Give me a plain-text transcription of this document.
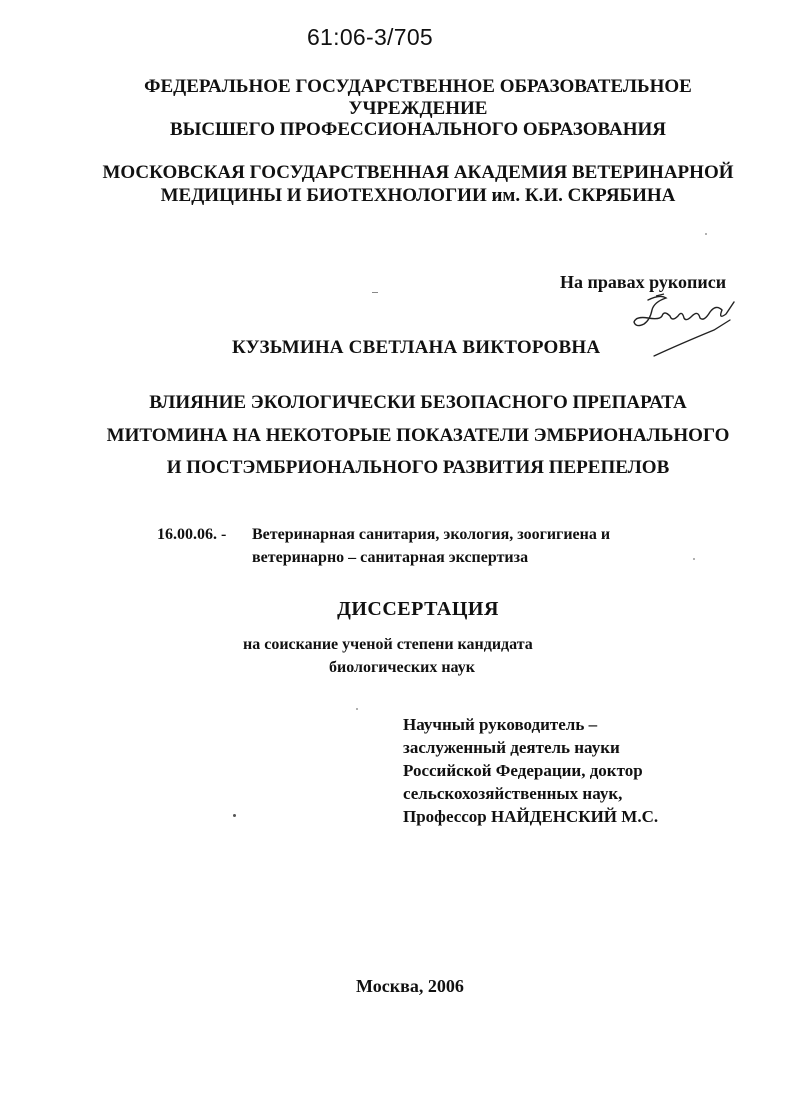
61:06-3/705
ФЕДЕРАЛЬНОЕ ГОСУДАРСТВЕННОЕ ОБРАЗОВАТЕЛЬНОЕ
УЧРЕЖДЕНИЕ
ВЫСШЕГО ПРОФЕССИОНАЛЬНОГО ОБРАЗОВАНИЯ
МОСКОВСКАЯ ГОСУДАРСТВЕННАЯ АКАДЕМИЯ ВЕТЕРИНАРНОЙ
МЕДИЦИНЫ И БИОТЕХНОЛОГИИ им. К.И. СКРЯБИНА
На правах рукописи
КУЗЬМИНА СВЕТЛАНА ВИКТОРОВНА
ВЛИЯНИЕ ЭКОЛОГИЧЕСКИ БЕЗОПАСНОГО ПРЕПАРАТА
МИТОМИНА НА НЕКОТОРЫЕ ПОКАЗАТЕЛИ ЭМБРИОНАЛЬНОГО
И ПОСТЭМБРИОНАЛЬНОГО РАЗВИТИЯ ПЕРЕПЕЛОВ
16.00.06. - Ветеринарная санитария, экология, зоогигиена и
ветеринарно – санитарная экспертиза
ДИССЕРТАЦИЯ
на соискание ученой степени кандидата
биологических наук
Научный руководитель –
заслуженный деятель науки
Российской Федерации, доктор
сельскохозяйственных наук,
Профессор НАЙДЕНСКИЙ М.С.
Москва, 2006
